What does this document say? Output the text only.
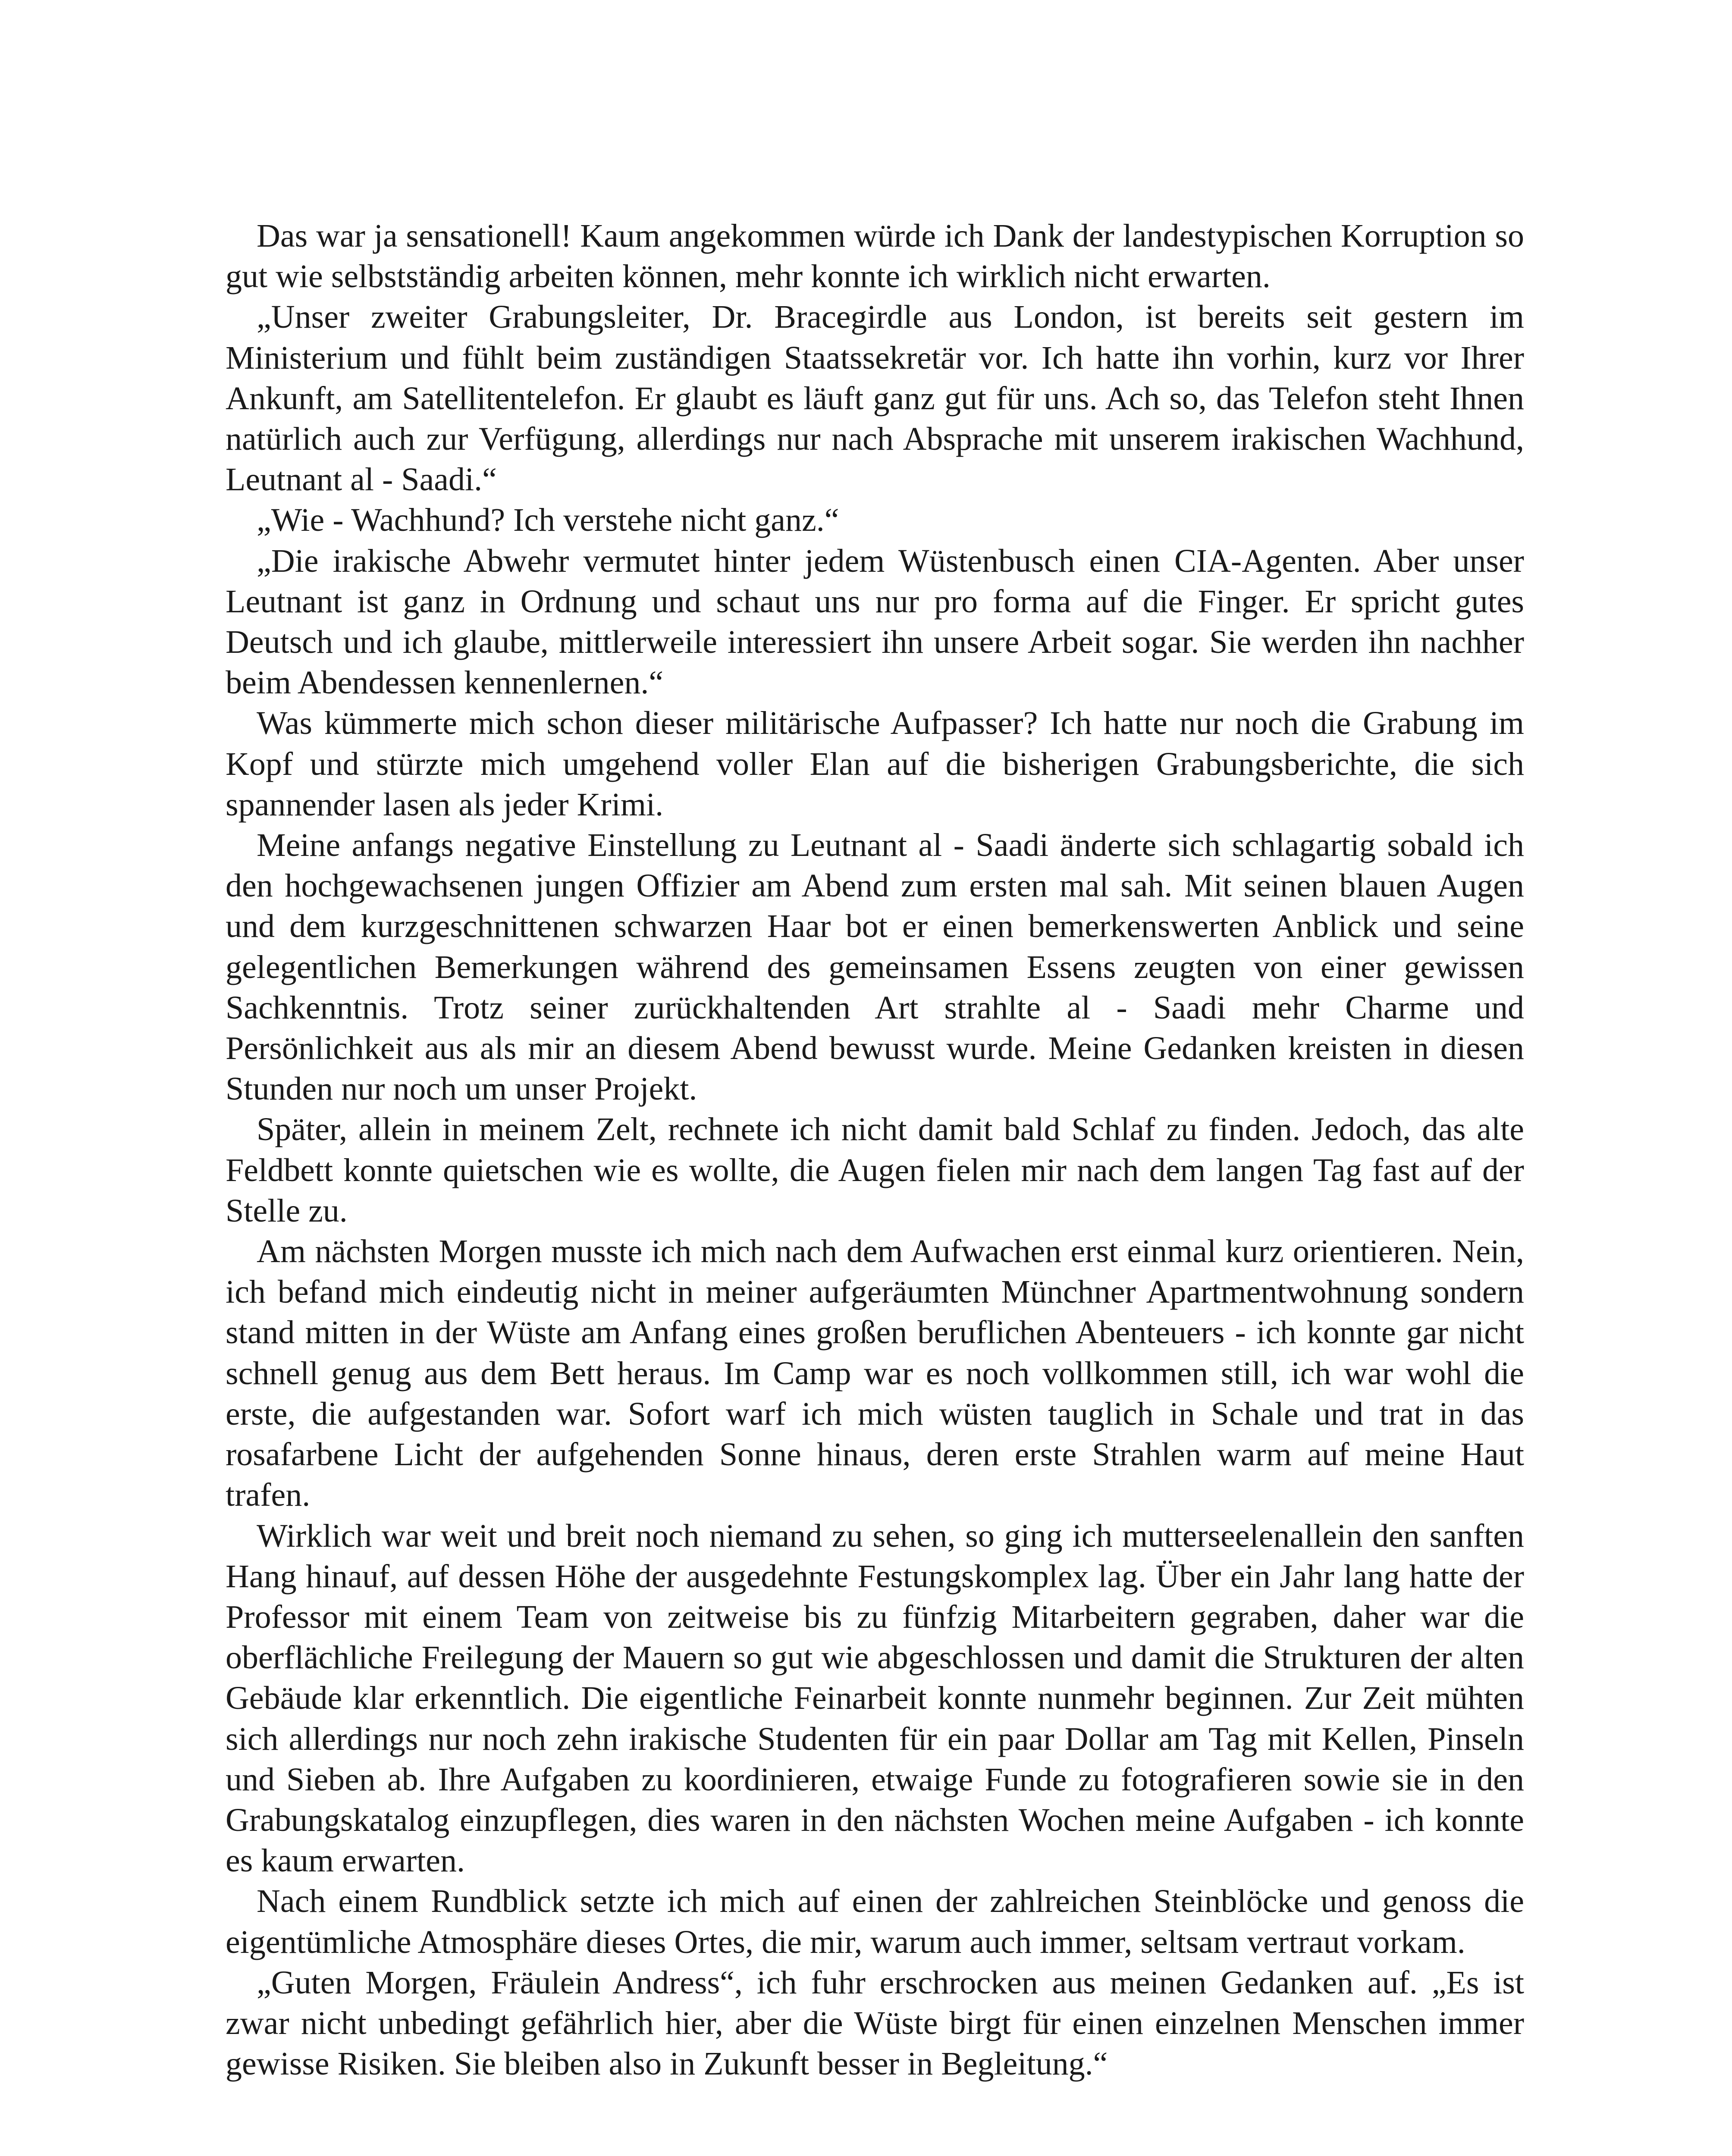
Das war ja sensationell! Kaum angekommen würde ich Dank der landestypischen Korruption so gut wie selbstständig arbeiten können, mehr konnte ich wirklich nicht erwarten.

„Unser zweiter Grabungsleiter, Dr. Bracegirdle aus London, ist bereits seit gestern im Ministerium und fühlt beim zuständigen Staatssekretär vor. Ich hatte ihn vorhin, kurz vor Ihrer Ankunft, am Satellitentelefon. Er glaubt es läuft ganz gut für uns. Ach so, das Telefon steht Ihnen natürlich auch zur Verfügung, allerdings nur nach Absprache mit unserem irakischen Wachhund, Leutnant al - Saadi.“

„Wie - Wachhund? Ich verstehe nicht ganz.“

„Die irakische Abwehr vermutet hinter jedem Wüstenbusch einen CIA-Agenten. Aber unser Leutnant ist ganz in Ordnung und schaut uns nur pro forma auf die Finger. Er spricht gutes Deutsch und ich glaube, mittlerweile interessiert ihn unsere Arbeit sogar. Sie werden ihn nachher beim Abendessen kennenlernen.“

Was kümmerte mich schon dieser militärische Aufpasser? Ich hatte nur noch die Grabung im Kopf und stürzte mich umgehend voller Elan auf die bisherigen Grabungsberichte, die sich spannender lasen als jeder Krimi.

Meine anfangs negative Einstellung zu Leutnant al - Saadi änderte sich schlagartig sobald ich den hochgewachsenen jungen Offizier am Abend zum ersten mal sah. Mit seinen blauen Augen und dem kurzgeschnittenen schwarzen Haar bot er einen bemerkenswerten Anblick und seine gelegentlichen Bemerkungen während des gemeinsamen Essens zeugten von einer gewissen Sachkenntnis. Trotz seiner zurückhaltenden Art strahlte al - Saadi mehr Charme und Persönlichkeit aus als mir an diesem Abend bewusst wurde. Meine Gedanken kreisten in diesen Stunden nur noch um unser Projekt.

Später, allein in meinem Zelt, rechnete ich nicht damit bald Schlaf zu finden. Jedoch, das alte Feldbett konnte quietschen wie es wollte, die Augen fielen mir nach dem langen Tag fast auf der Stelle zu.

Am nächsten Morgen musste ich mich nach dem Aufwachen erst einmal kurz orientieren. Nein, ich befand mich eindeutig nicht in meiner aufgeräumten Münchner Apartmentwohnung sondern stand mitten in der Wüste am Anfang eines großen beruflichen Abenteuers - ich konnte gar nicht schnell genug aus dem Bett heraus. Im Camp war es noch vollkommen still, ich war wohl die erste, die aufgestanden war. Sofort warf ich mich wüsten tauglich in Schale und trat in das rosafarbene Licht der aufgehenden Sonne hinaus, deren erste Strahlen warm auf meine Haut trafen.

Wirklich war weit und breit noch niemand zu sehen, so ging ich mutterseelenallein den sanften Hang hinauf, auf dessen Höhe der ausgedehnte Festungskomplex lag. Über ein Jahr lang hatte der Professor mit einem Team von zeitweise bis zu fünfzig Mitarbeitern gegraben, daher war die oberflächliche Freilegung der Mauern so gut wie abgeschlossen und damit die Strukturen der alten Gebäude klar erkenntlich. Die eigentliche Feinarbeit konnte nunmehr beginnen. Zur Zeit mühten sich allerdings nur noch zehn irakische Studenten für ein paar Dollar am Tag mit Kellen, Pinseln und Sieben ab. Ihre Aufgaben zu koordinieren, etwaige Funde zu fotografieren sowie sie in den Grabungskatalog einzupflegen, dies waren in den nächsten Wochen meine Aufgaben - ich konnte es kaum erwarten.

Nach einem Rundblick setzte ich mich auf einen der zahlreichen Steinblöcke und genoss die eigentümliche Atmosphäre dieses Ortes, die mir, warum auch immer, seltsam vertraut vorkam.

„Guten Morgen, Fräulein Andress“, ich fuhr erschrocken aus meinen Gedanken auf. „Es ist zwar nicht unbedingt gefährlich hier, aber die Wüste birgt für einen einzelnen Menschen immer gewisse Risiken. Sie bleiben also in Zukunft besser in Begleitung.“
